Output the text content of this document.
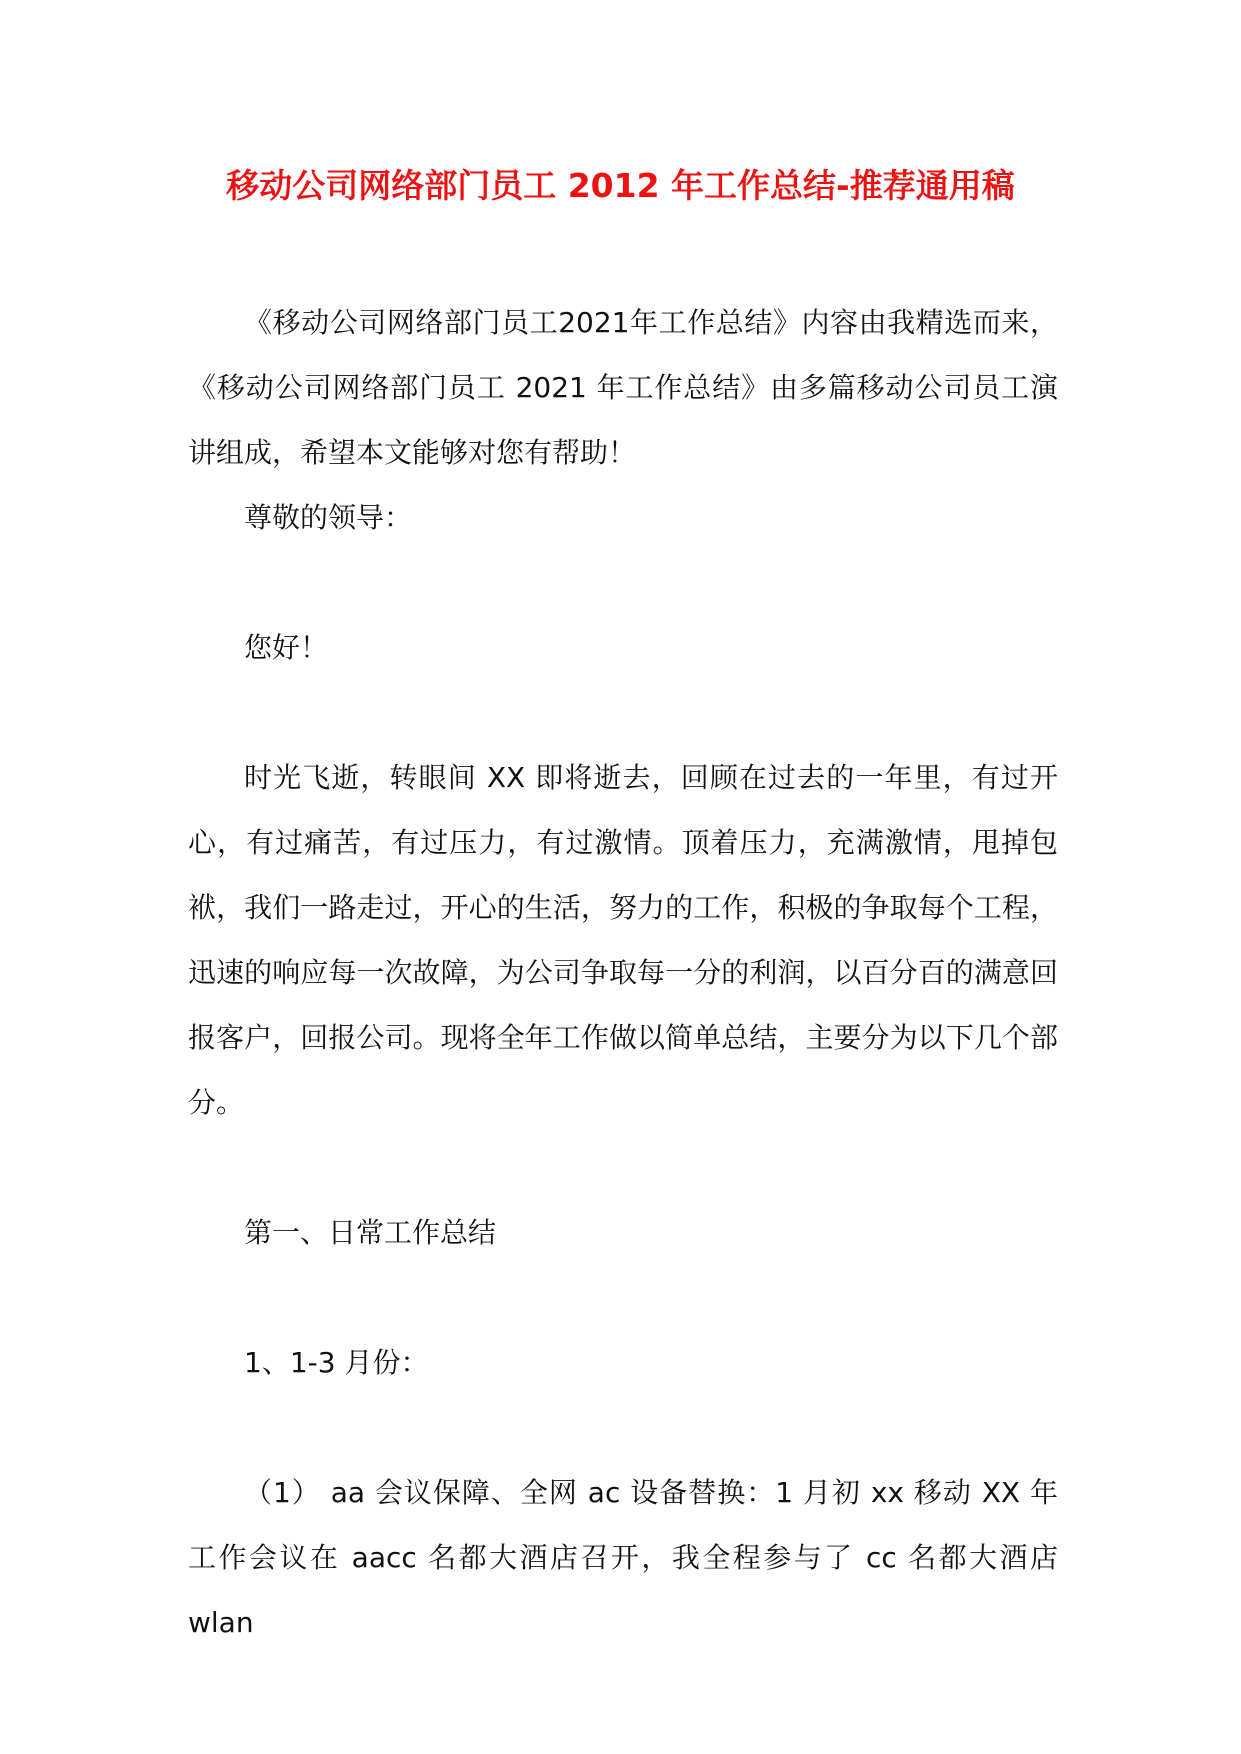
移动公司网络部门员工 2012 年工作总结-推荐通用稿

《移动公司网络部门员工2021年工作总结》内容由我精选而来，《移动公司网络部门员工 2021 年工作总结》由多篇移动公司员工演讲组成，希望本文能够对您有帮助！

尊敬的领导：

您好！

时光飞逝，转眼间 XX 即将逝去，回顾在过去的一年里，有过开心，有过痛苦，有过压力，有过激情。顶着压力，充满激情，甩掉包袱，我们一路走过，开心的生活，努力的工作，积极的争取每个工程，迅速的响应每一次故障，为公司争取每一分的利润，以百分百的满意回报客户，回报公司。现将全年工作做以简单总结，主要分为以下几个部分。

第一、日常工作总结

1、1-3 月份：

（1） aa 会议保障、全网 ac 设备替换：1 月初 xx 移动 XX 年工作会议在 aacc 名都大酒店召开，我全程参与了 cc 名都大酒店 wlan
